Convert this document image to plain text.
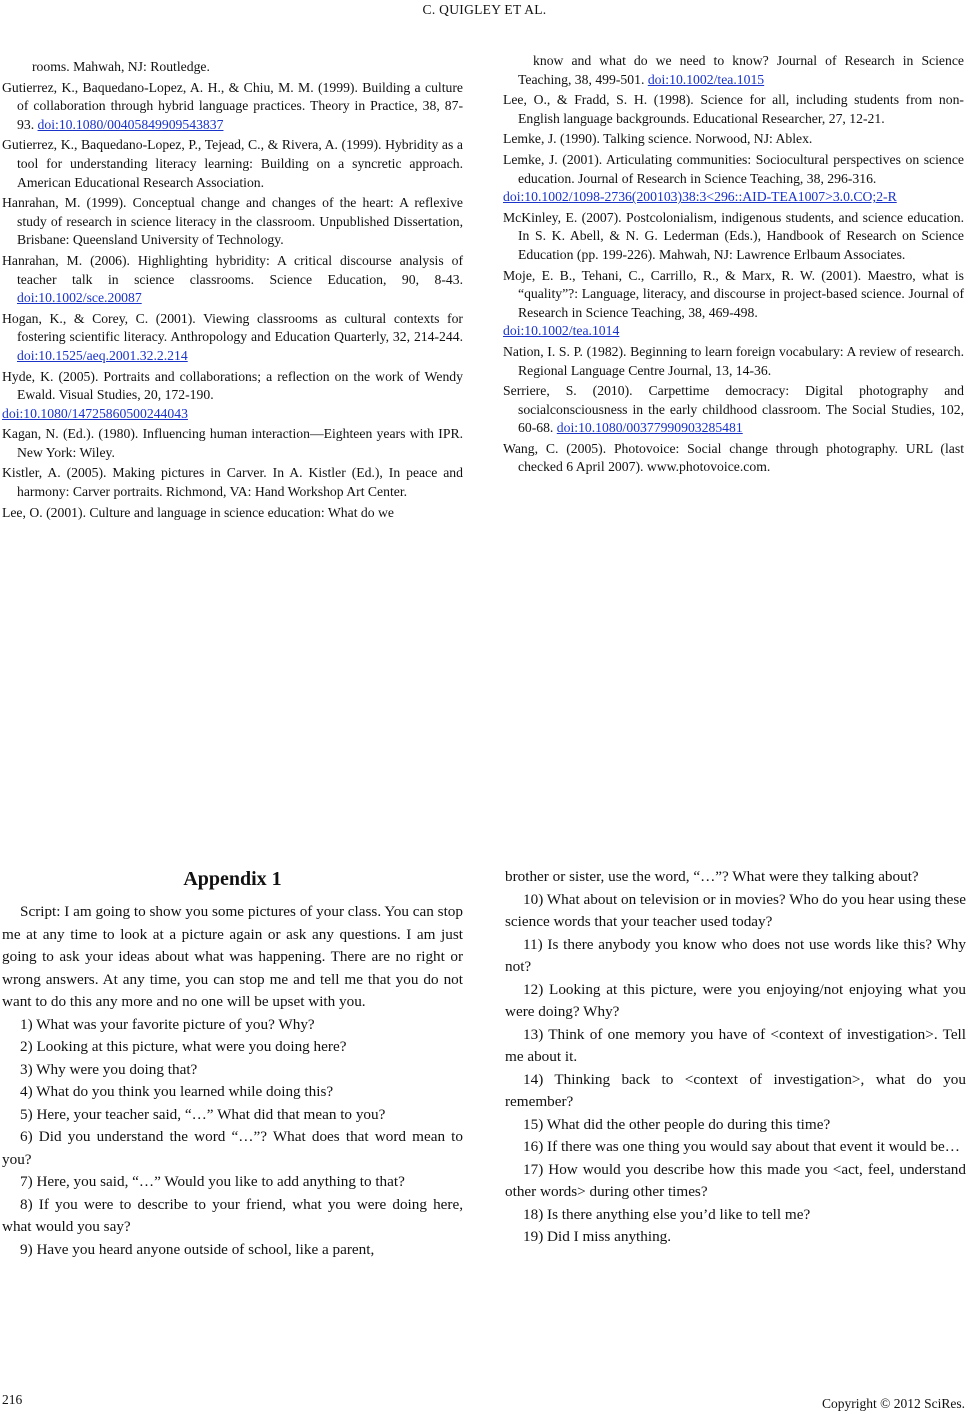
C. QUIGLEY ET AL.
rooms. Mahwah, NJ: Routledge.
Gutierrez, K., Baquedano-Lopez, A. H., & Chiu, M. M. (1999). Building a culture of collaboration through hybrid language practices. Theory in Practice, 38, 87-93. doi:10.1080/00405849909543837
Gutierrez, K., Baquedano-Lopez, P., Tejead, C., & Rivera, A. (1999). Hybridity as a tool for understanding literacy learning: Building on a syncretic approach. American Educational Research Association.
Hanrahan, M. (1999). Conceptual change and changes of the heart: A reflexive study of research in science literacy in the classroom. Unpublished Dissertation, Brisbane: Queensland University of Technology.
Hanrahan, M. (2006). Highlighting hybridity: A critical discourse analysis of teacher talk in science classrooms. Science Education, 90, 8-43. doi:10.1002/sce.20087
Hogan, K., & Corey, C. (2001). Viewing classrooms as cultural contexts for fostering scientific literacy. Anthropology and Education Quarterly, 32, 214-244. doi:10.1525/aeq.2001.32.2.214
Hyde, K. (2005). Portraits and collaborations; a reflection on the work of Wendy Ewald. Visual Studies, 20, 172-190.
doi:10.1080/14725860500244043
Kagan, N. (Ed.). (1980). Influencing human interaction—Eighteen years with IPR. New York: Wiley.
Kistler, A. (2005). Making pictures in Carver. In A. Kistler (Ed.), In peace and harmony: Carver portraits. Richmond, VA: Hand Workshop Art Center.
Lee, O. (2001). Culture and language in science education: What do we
know and what do we need to know? Journal of Research in Science Teaching, 38, 499-501. doi:10.1002/tea.1015
Lee, O., & Fradd, S. H. (1998). Science for all, including students from non-English language backgrounds. Educational Researcher, 27, 12-21.
Lemke, J. (1990). Talking science. Norwood, NJ: Ablex.
Lemke, J. (2001). Articulating communities: Sociocultural perspectives on science education. Journal of Research in Science Teaching, 38, 296-316.
doi:10.1002/1098-2736(200103)38:3<296::AID-TEA1007>3.0.CO;2-R
McKinley, E. (2007). Postcolonialism, indigenous students, and science education. In S. K. Abell, & N. G. Lederman (Eds.), Handbook of Research on Science Education (pp. 199-226). Mahwah, NJ: Lawrence Erlbaum Associates.
Moje, E. B., Tehani, C., Carrillo, R., & Marx, R. W. (2001). Maestro, what is “quality”?: Language, literacy, and discourse in project-based science. Journal of Research in Science Teaching, 38, 469-498.
doi:10.1002/tea.1014
Nation, I. S. P. (1982). Beginning to learn foreign vocabulary: A review of research. Regional Language Centre Journal, 13, 14-36.
Serriere, S. (2010). Carpettime democracy: Digital photography and socialconsciousness in the early childhood classroom. The Social Studies, 102, 60-68. doi:10.1080/00377990903285481
Wang, C. (2005). Photovoice: Social change through photography. URL (last checked 6 April 2007). www.photovoice.com.
Appendix 1

Script: I am going to show you some pictures of your class. You can stop me at any time to look at a picture again or ask any questions. I am just going to ask your ideas about what was happening. There are no right or wrong answers. At any time, you can stop me and tell me that you do not want to do this any more and no one will be upset with you.

1) What was your favorite picture of you? Why?

2) Looking at this picture, what were you doing here?

3) Why were you doing that?

4) What do you think you learned while doing this?

5) Here, your teacher said, “…” What did that mean to you?

6) Did you understand the word “…”? What does that word mean to you?

7) Here, you said, “…” Would you like to add anything to that?

8) If you were to describe to your friend, what you were doing here, what would you say?

9) Have you heard anyone outside of school, like a parent,

brother or sister, use the word, “…”? What were they talking about?

10) What about on television or in movies? Who do you hear using these science words that your teacher used today?

11) Is there anybody you know who does not use words like this? Why not?

12) Looking at this picture, were you enjoying/not enjoying what you were doing? Why?

13) Think of one memory you have of <context of investigation>. Tell me about it.

14) Thinking back to <context of investigation>, what do you remember?

15) What did the other people do during this time?

16) If there was one thing you would say about that event it would be…

17) How would you describe how this made you <act, feel, understand other words> during other times?

18) Is there anything else you’d like to tell me?

19) Did I miss anything.

216	Copyright © 2012 SciRes.
